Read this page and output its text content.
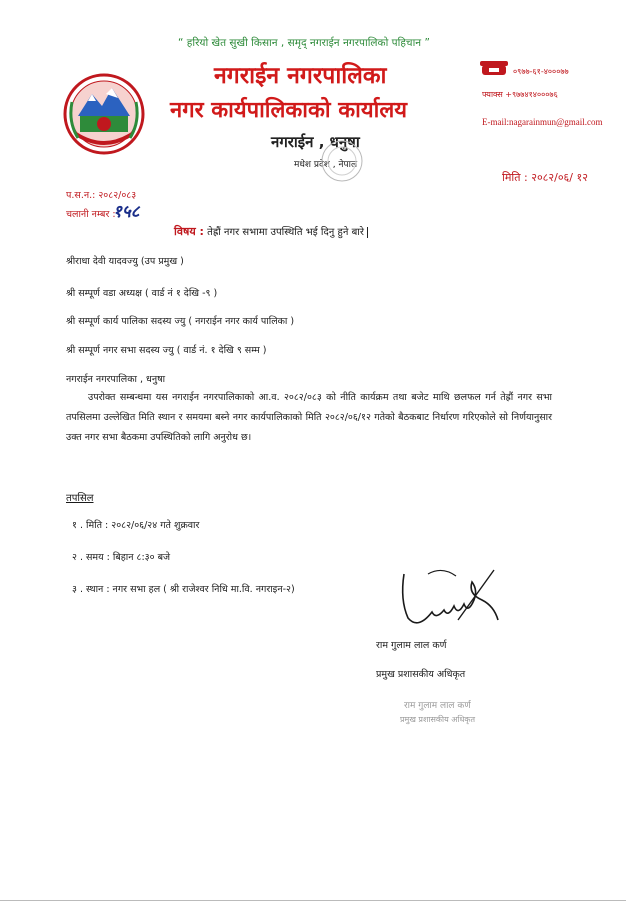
“ हरियो खेत सुखी किसान , समृद् नगराईन नगरपालिको पहिचान ”
नगराईन नगरपालिका
नगर कार्यपालिकाको कार्यालय
नगराईन , धनुषा
मधेश प्रदेश , नेपाल
०९७७-६१-४०००७७
फ्याक्स +९७७४१४०००७६
E-mail:nagarainmun@gmail.com
मिति : २०८२/०६/ १२
प.स.न.: २०८२/०८३
चलानी नम्बर :
१५८
विषय : तेह्रौं नगर सभामा उपस्थिति भई दिनु हुने बारे
श्रीराधा देवी यादवज्यु (उप प्रमुख )
श्री सम्पूर्ण वडा अध्यक्ष ( वार्ड नं १ देखि -९ )
श्री सम्पूर्ण कार्य पालिका सदस्य ज्यु ( नगराईन नगर कार्य पालिका )
श्री सम्पूर्ण नगर सभा सदस्य ज्यु ( वार्ड नं. १ देखि ९ सम्म )
नगराईन नगरपालिका , धनुषा
उपरोक्त सम्बन्धमा यस नगराईन नगरपालिकाको आ.व. २०८२/०८३ को नीति कार्यक्रम तथा बजेट माथि छलफल गर्न तेह्रौं नगर सभा तपसिलमा उल्लेखित मिति स्थान र समयमा बस्ने नगर कार्यपालिकाको मिति २०८२/०६/१२ गतेको बैठकबाट निर्धारण गरिएकोले सो निर्णयानुसार उक्त नगर सभा बैठकमा उपस्थितिको लागि अनुरोध छ।
तपसिल
१ . मिति : २०८२/०६/२४ गते शुक्रवार
२ . समय : बिहान ८:३० बजे
३ . स्थान : नगर सभा हल ( श्री राजेश्वर निधि मा.वि. नगराइन-२)
राम गुलाम लाल कर्ण
प्रमुख प्रशासकीय अधिकृत
राम गुलाम लाल कर्ण
प्रमुख प्रशासकीय अधिकृत
